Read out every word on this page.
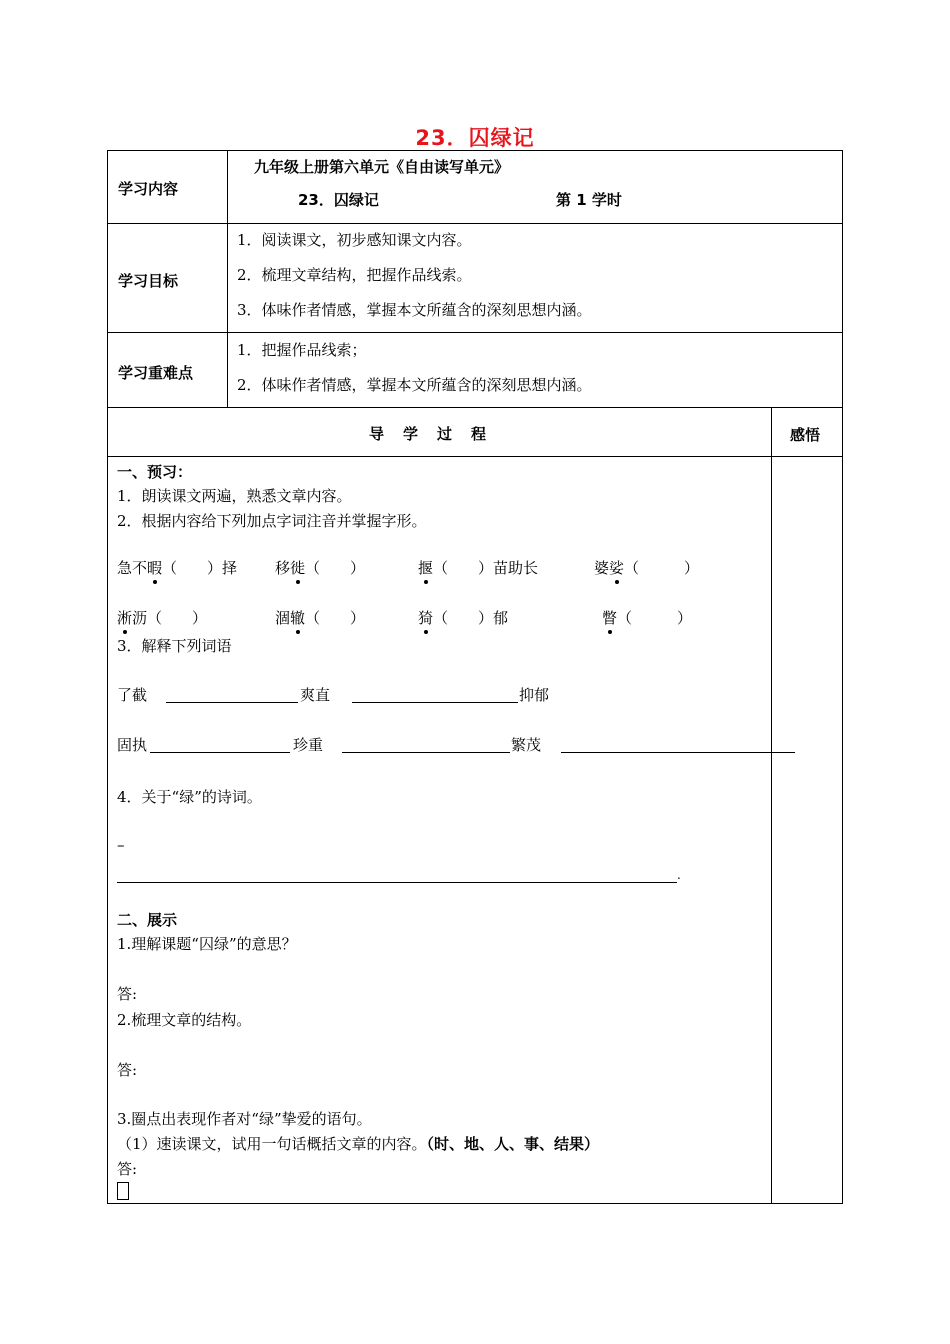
23．囚绿记
学习内容
九年级上册第六单元《自由读写单元》
23．囚绿记	第 1 学时
学习目标
1．阅读课文，初步感知课文内容。
2．梳理文章结构，把握作品线索。
3．体味作者情感，掌握本文所蕴含的深刻思想内涵。
学习重难点
1．把握作品线索；
2．体味作者情感，掌握本文所蕴含的深刻思想内涵。
导　学　过　程	感悟
一、预习：
1．朗读课文两遍，熟悉文章内容。
2．根据内容给下列加点字词注音并掌握字形。
急不暇（　　）择	移徙（　　）	揠（　　）苗助长	婆娑（　　　）
淅沥（　　）	涸辙（　　）	猗（　　）郁	瞥（　　　）
3．解释下列词语
了截	爽直	抑郁
固执	珍重	繁茂
4．关于“绿”的诗词。
–
.
二、展示
1.理解课题“囚绿”的意思？
答:
2.梳理文章的结构。
答:
3.圈点出表现作者对“绿”挚爱的语句。
（1）速读课文，试用一句话概括文章的内容。（时、地、人、事、结果）
答:
